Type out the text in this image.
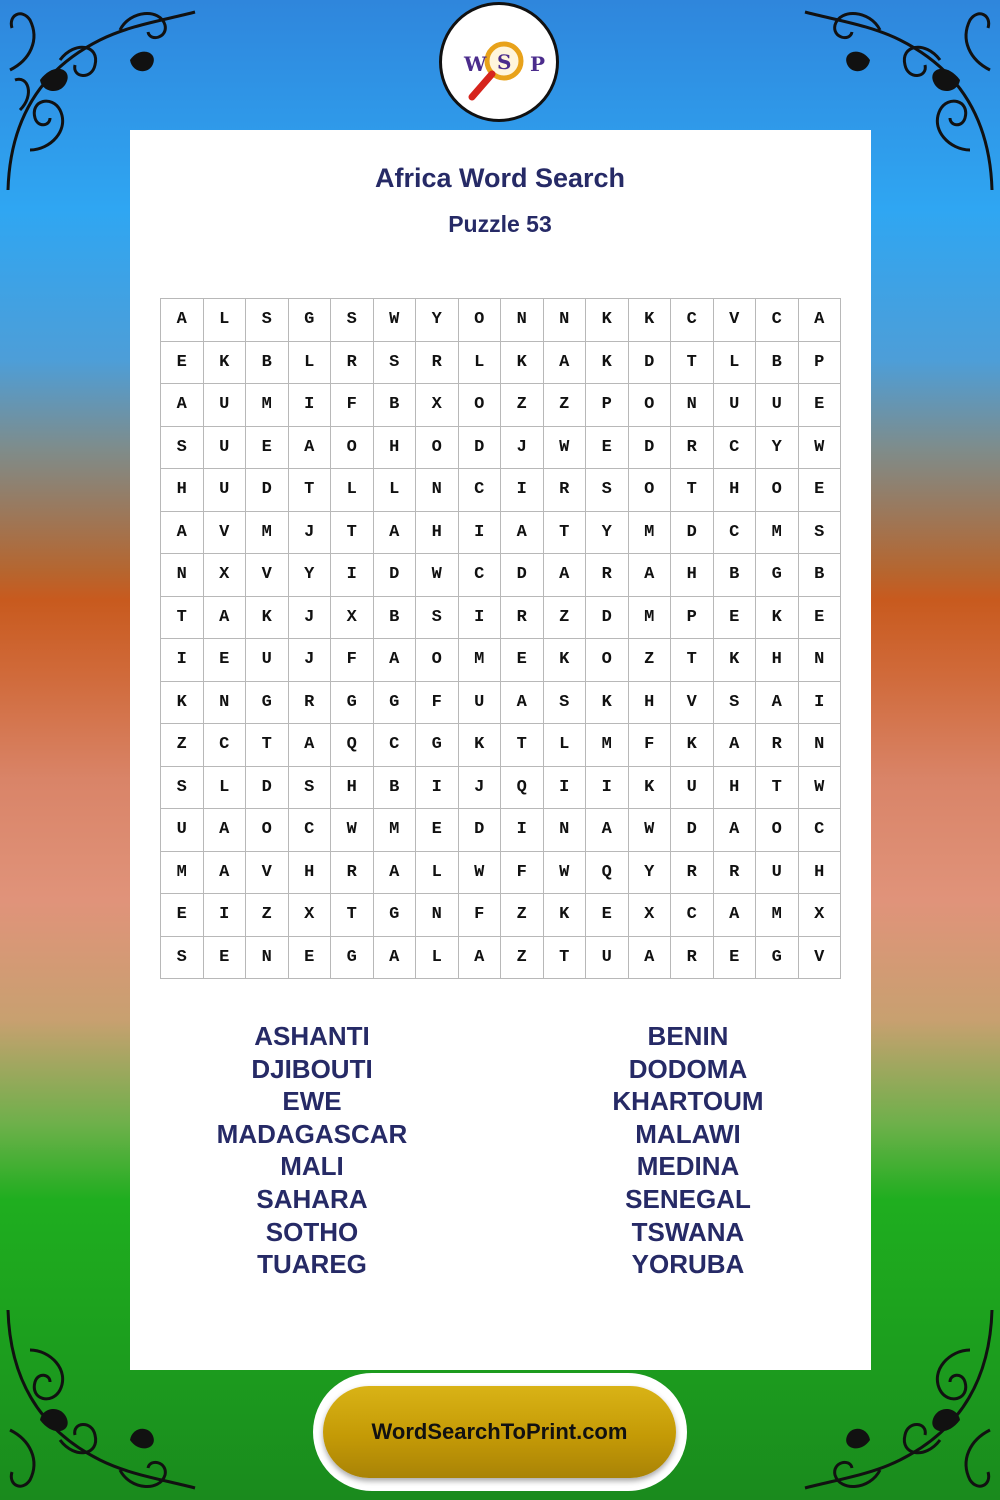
W S P
Africa Word Search
Puzzle 53
A	L	S	G	S	W	Y	O	N	N	K	K	C	V	C	A
E	K	B	L	R	S	R	L	K	A	K	D	T	L	B	P
A	U	M	I	F	B	X	O	Z	Z	P	O	N	U	U	E
S	U	E	A	O	H	O	D	J	W	E	D	R	C	Y	W
H	U	D	T	L	L	N	C	I	R	S	O	T	H	O	E
A	V	M	J	T	A	H	I	A	T	Y	M	D	C	M	S
N	X	V	Y	I	D	W	C	D	A	R	A	H	B	G	B
T	A	K	J	X	B	S	I	R	Z	D	M	P	E	K	E
I	E	U	J	F	A	O	M	E	K	O	Z	T	K	H	N
K	N	G	R	G	G	F	U	A	S	K	H	V	S	A	I
Z	C	T	A	Q	C	G	K	T	L	M	F	K	A	R	N
S	L	D	S	H	B	I	J	Q	I	I	K	U	H	T	W
U	A	O	C	W	M	E	D	I	N	A	W	D	A	O	C
M	A	V	H	R	A	L	W	F	W	Q	Y	R	R	U	H
E	I	Z	X	T	G	N	F	Z	K	E	X	C	A	M	X
S	E	N	E	G	A	L	A	Z	T	U	A	R	E	G	V
ASHANTI
DJIBOUTI
EWE
MADAGASCAR
MALI
SAHARA
SOTHO
TUAREG
BENIN
DODOMA
KHARTOUM
MALAWI
MEDINA
SENEGAL
TSWANA
YORUBA
WordSearchToPrint.com
